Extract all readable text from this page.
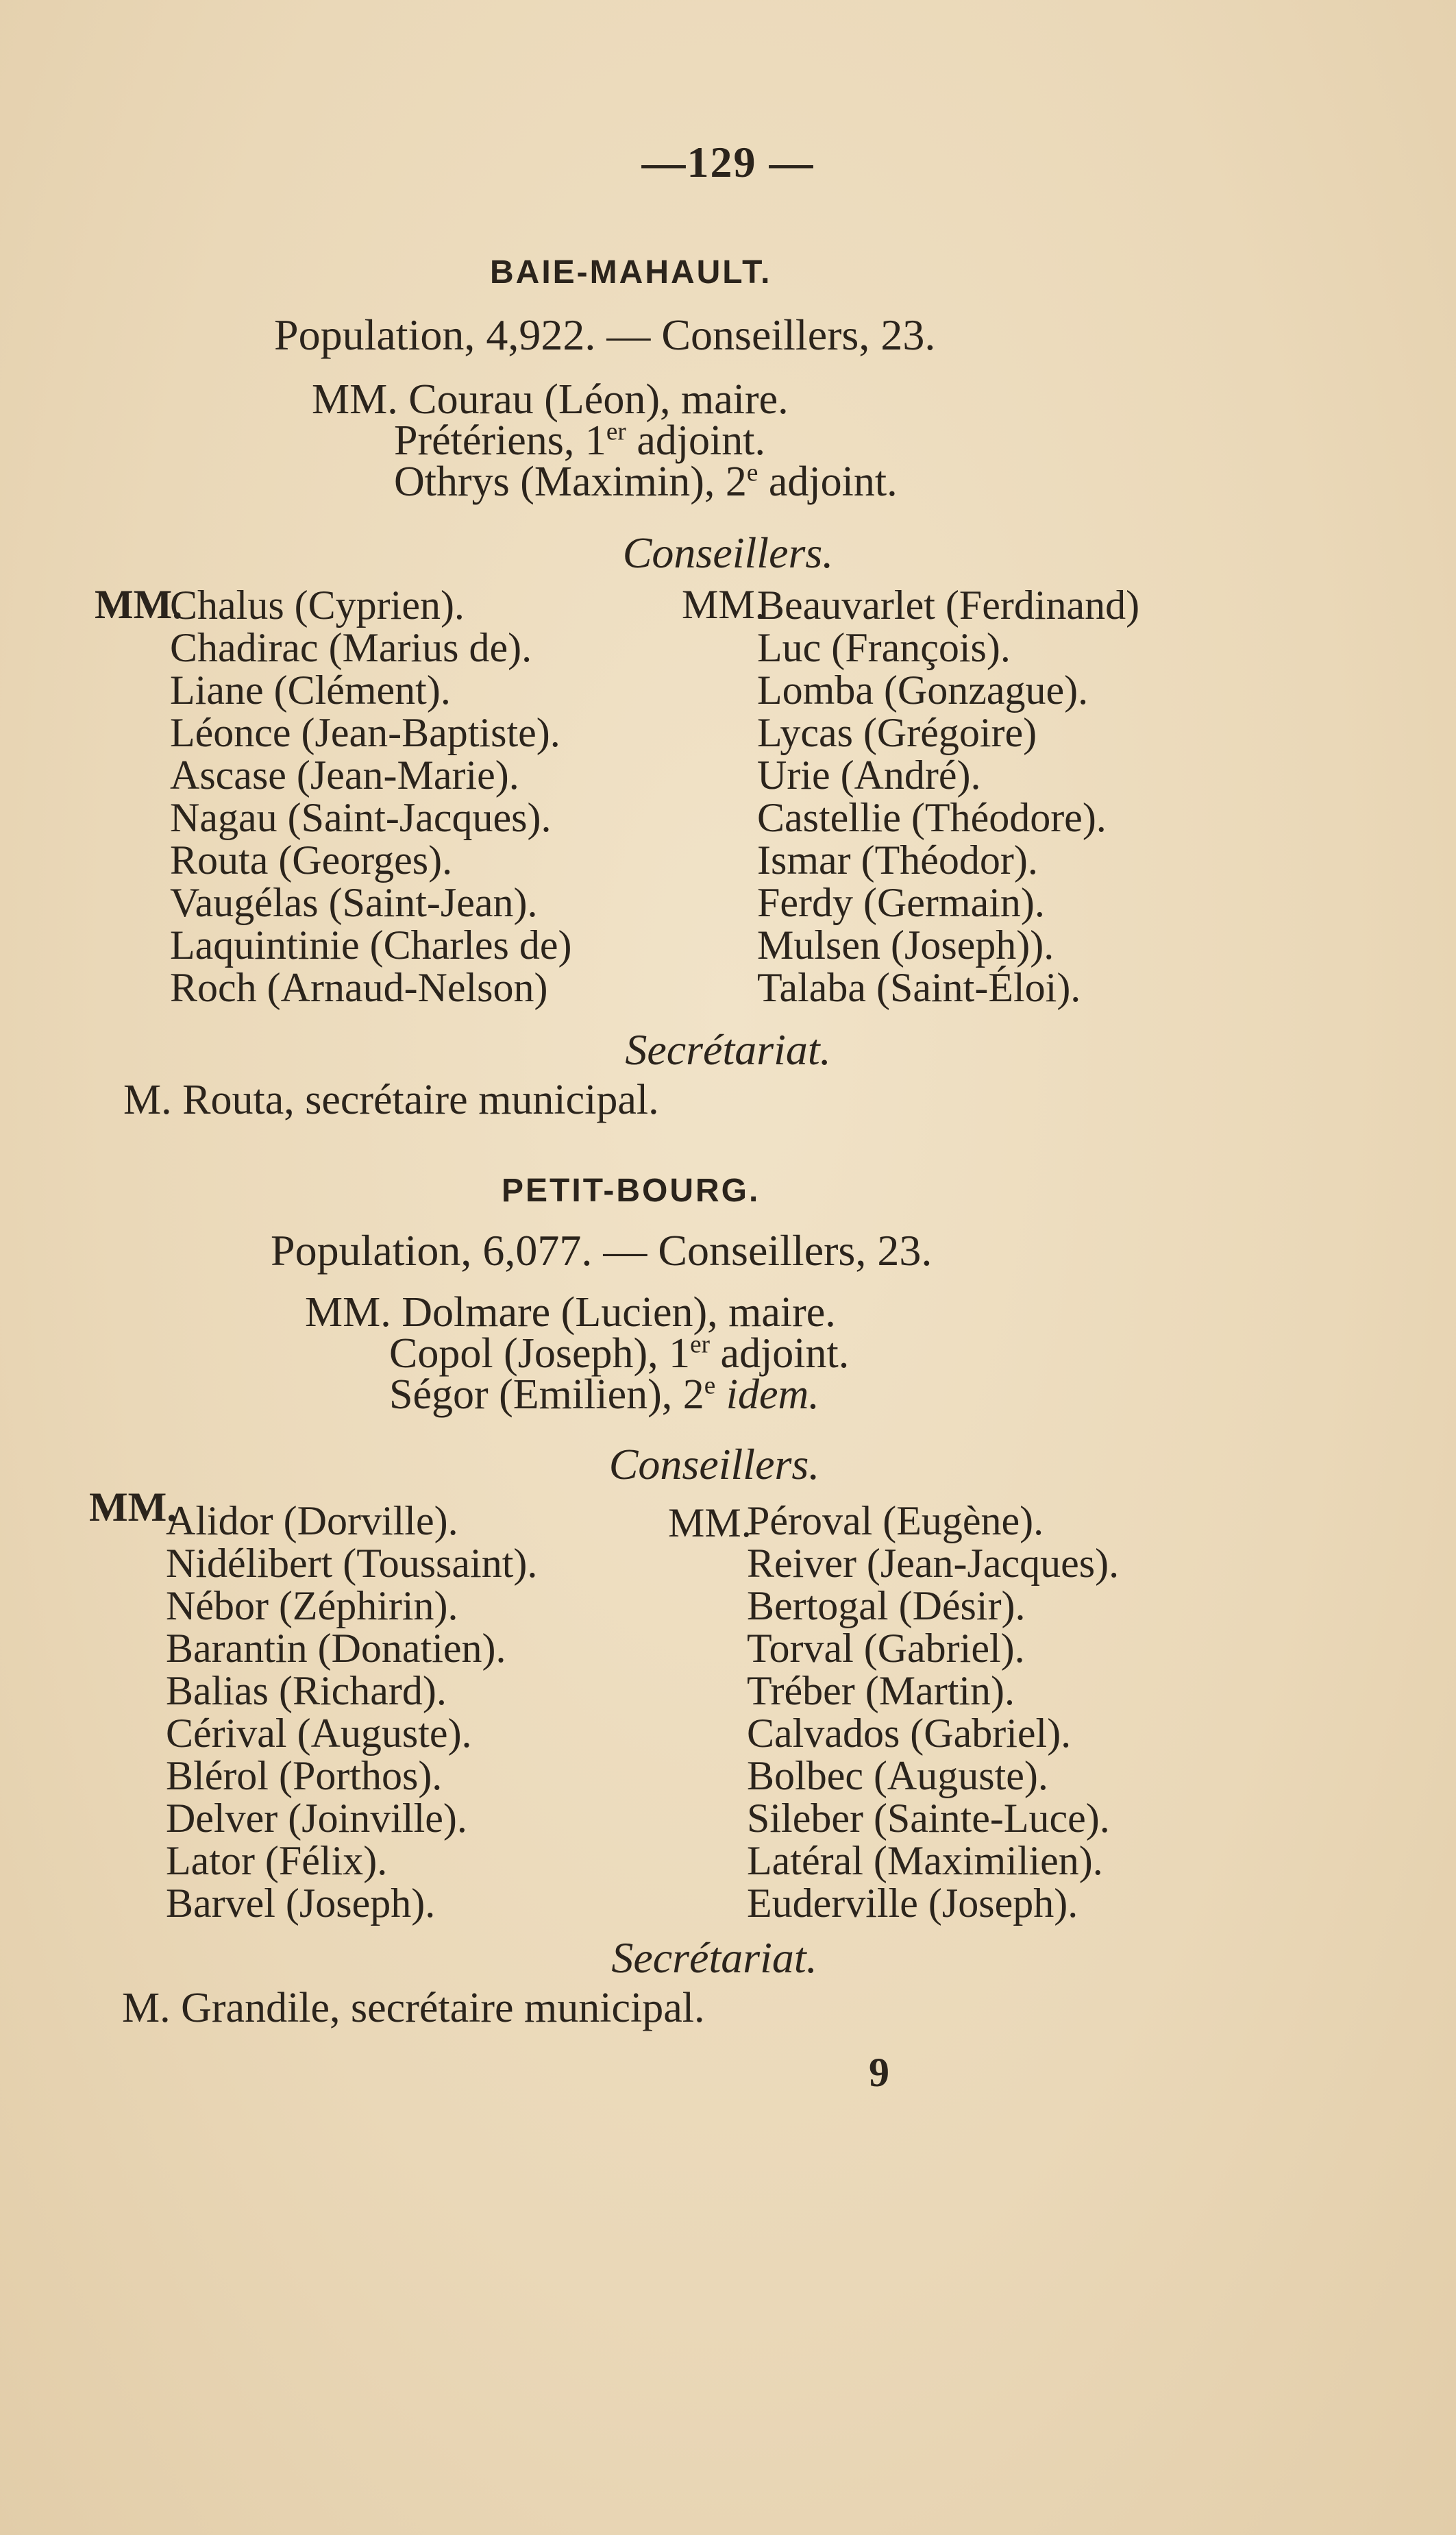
—129 —
BAIE-MAHAULT.
Population, 4,922. — Conseillers, 23.
MM. Courau (Léon), maire.
Prétériens, 1er adjoint.
Othrys (Maximin), 2e adjoint.
Conseillers.
MM.
Chalus (Cyprien).
Chadirac (Marius de).
Liane (Clément).
Léonce (Jean-Baptiste).
Ascase (Jean-Marie).
Nagau (Saint-Jacques).
Routa (Georges).
Vaugélas (Saint-Jean).
Laquintinie (Charles de)
Roch (Arnaud-Nelson)
MM.
Beauvarlet (Ferdinand)
Luc (François).
Lomba (Gonzague).
Lycas (Grégoire)
Urie (André).
Castellie (Théodore).
Ismar (Théodor).
Ferdy (Germain).
Mulsen (Joseph)).
Talaba (Saint-Éloi).
Secrétariat.
M. Routa, secrétaire municipal.
PETIT-BOURG.
Population, 6,077. — Conseillers, 23.
MM. Dolmare (Lucien), maire.
Copol (Joseph), 1er adjoint.
Ségor (Emilien), 2e idem.
Conseillers.
MM.
Alidor (Dorville).
Nidélibert (Toussaint).
Nébor (Zéphirin).
Barantin (Donatien).
Balias (Richard).
Cérival (Auguste).
Blérol (Porthos).
Delver (Joinville).
Lator (Félix).
Barvel (Joseph).
MM.
Péroval (Eugène).
Reiver (Jean-Jacques).
Bertogal (Désir).
Torval (Gabriel).
Tréber (Martin).
Calvados (Gabriel).
Bolbec (Auguste).
Sileber (Sainte-Luce).
Latéral (Maximilien).
Euderville (Joseph).
Secrétariat.
M. Grandile, secrétaire municipal.
9
